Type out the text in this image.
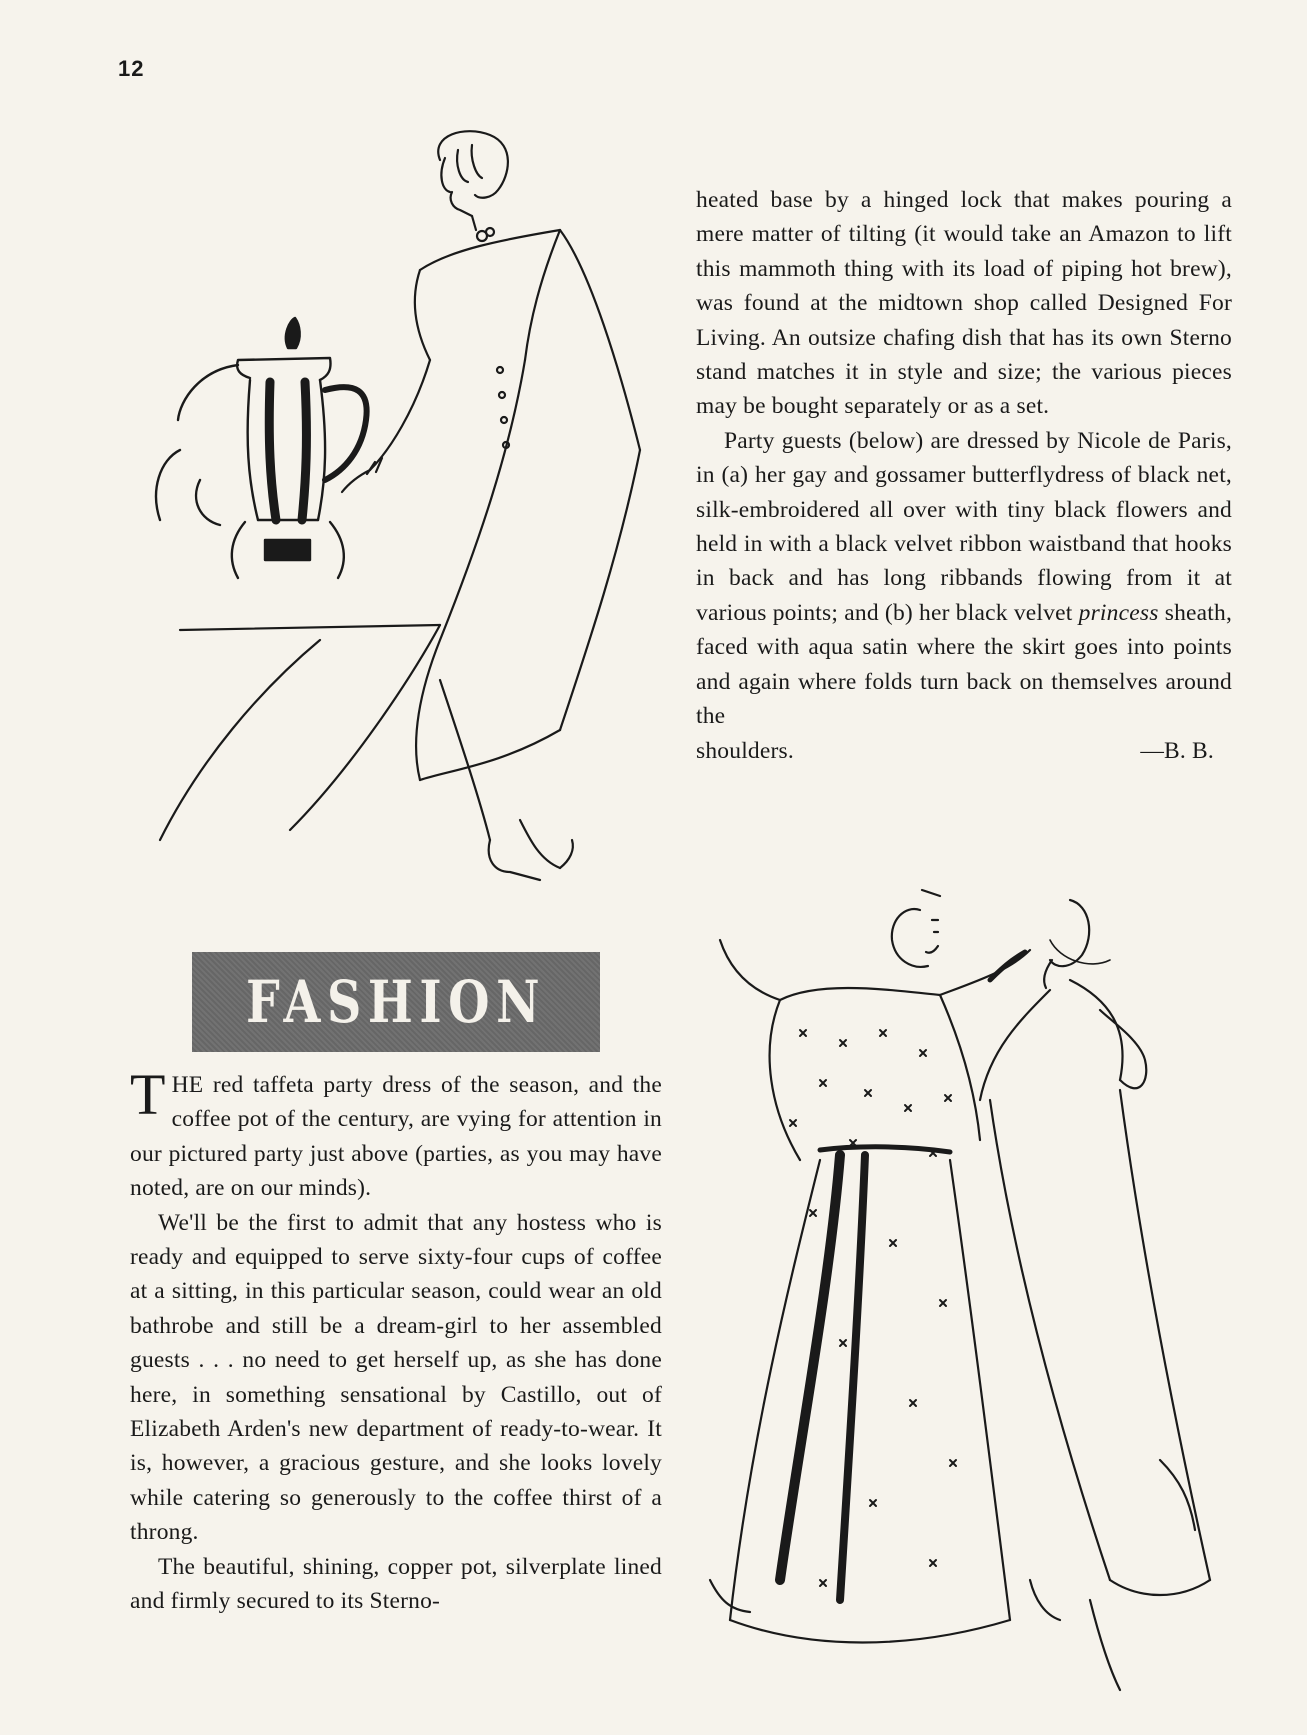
12

heated base by a hinged lock that makes pouring a mere matter of tilting (it would take an Amazon to lift this mammoth thing with its load of piping hot brew), was found at the midtown shop called Designed For Living. An outsize chafing dish that has its own Sterno stand matches it in style and size; the various pieces may be bought separately or as a set.

Party guests (below) are dressed by Nicole de Paris, in (a) her gay and gossamer butterflydress of black net, silk-embroidered all over with tiny black flowers and held in with a black velvet ribbon waistband that hooks in back and has long ribbands flowing from it at various points; and (b) her black velvet princess sheath, faced with aqua satin where the skirt goes into points and again where folds turn back on themselves around the

shoulders.	—B. B.
FASHION

THE red taffeta party dress of the season, and the coffee pot of the century, are vying for attention in our pictured party just above (parties, as you may have noted, are on our minds).

We'll be the first to admit that any hostess who is ready and equipped to serve sixty-four cups of coffee at a sitting, in this particular season, could wear an old bathrobe and still be a dream-girl to her assembled guests . . . no need to get herself up, as she has done here, in something sensational by Castillo, out of Elizabeth Arden's new department of ready-to-wear. It is, however, a gracious gesture, and she looks lovely while catering so generously to the coffee thirst of a throng.

The beautiful, shining, copper pot, silverplate lined and firmly secured to its Sterno-
